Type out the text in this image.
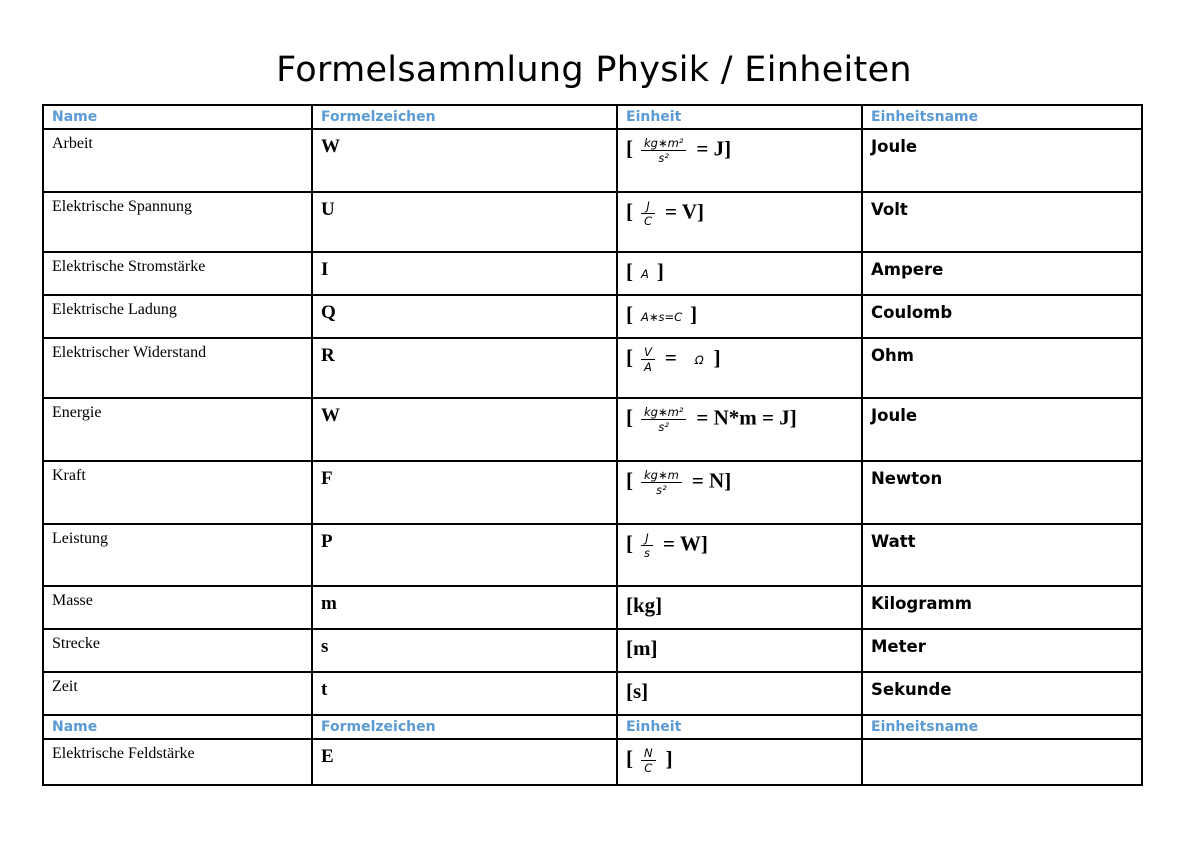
Formelsammlung Physik / Einheiten
Name	Formelzeichen	Einheit	Einheitsname
Arbeit	W	[ $\frac{\text{kg∗m²}}{\text{s²}} = J$]	Joule
Elektrische Spannung	U	[ $\frac{J}{C} = V$]	Volt
Elektrische Stromstärke	I	[ A ]	Ampere
Elektrische Ladung	Q	[ A∗s=C ]	Coulomb
Elektrischer Widerstand	R	[ $\frac{V}{A} = \Omega$ ]	Ohm
Energie	W	[ $\frac{\text{kg∗m²}}{\text{s²}} = N*m = J$]	Joule
Kraft	F	[ $\frac{kg∗m}{\text{s²}} = N$]	Newton
Leistung	P	[ $\frac{J}{s} = W$]	Watt
Masse	m	[kg]	Kilogramm
Strecke	s	[m]	Meter
Zeit	t	[s]	Sekunde
Name	Formelzeichen	Einheit	Einheitsname
Elektrische Feldstärke	E	[ $\frac{N}{C}$ ]	
